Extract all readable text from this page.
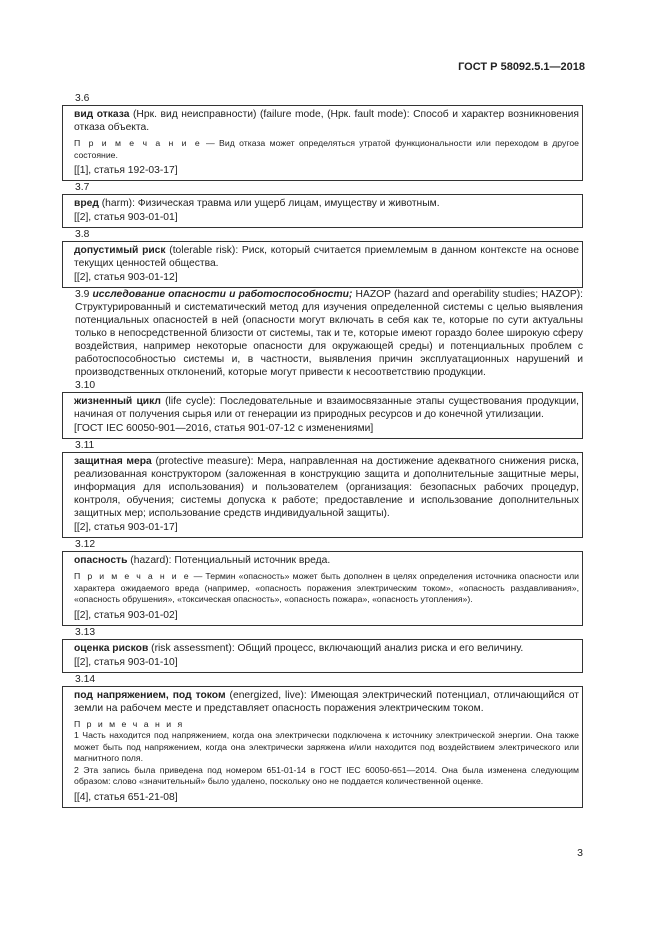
ГОСТ Р 58092.5.1—2018
3.6

вид отказа (Нрк. вид неисправности) (failure mode, (Нрк. fault mode): Способ и характер возникновения отказа объекта.

П р и м е ч а н и е — Вид отказа может определяться утратой функциональности или переходом в другое состояние.

[[1], статья 192-03-17]

3.7

вред (harm): Физическая травма или ущерб лицам, имуществу и животным.

[[2], статья 903-01-01]

3.8

допустимый риск (tolerable risk): Риск, который считается приемлемым в данном контексте на основе текущих ценностей общества.

[[2], статья 903-01-12]

3.9 исследование опасности и работоспособности; HAZOP (hazard and operability studies; HAZOP): Структурированный и систематический метод для изучения определенной системы с целью выявления потенциальных опасностей в ней (опасности могут включать в себя как те, которые по сути актуальны только в непосредственной близости от системы, так и те, которые имеют гораздо более широкую сферу воздействия, например некоторые опасности для окружающей среды) и потенциальных проблем с работоспособностью системы и, в частности, выявления причин эксплуатационных нарушений и производственных отклонений, которые могут привести к несоответствию продукции.
3.10

жизненный цикл (life cycle): Последовательные и взаимосвязанные этапы существования продукции, начиная от получения сырья или от генерации из природных ресурсов и до конечной утилизации.

[ГОСТ IEC 60050-901—2016, статья 901-07-12 с изменениями]

3.11

защитная мера (protective measure): Мера, направленная на достижение адекватного снижения риска, реализованная конструктором (заложенная в конструкцию защита и дополнительные защитные меры, информация для использования) и пользователем (организация: безопасных рабочих процедур, контроля, обучения; системы допуска к работе; предоставление и использование дополнительных защитных мер; использование средств индивидуальной защиты).

[[2], статья 903-01-17]

3.12

опасность (hazard): Потенциальный источник вреда.

П р и м е ч а н и е — Термин «опасность» может быть дополнен в целях определения источника опасности или характера ожидаемого вреда (например, «опасность поражения электрическим током», «опасность раздавливания», «опасность обрушения», «токсическая опасность», «опасность пожара», «опасность утопления»).

[[2], статья 903-01-02]

3.13

оценка рисков (risk assessment): Общий процесс, включающий анализ риска и его величину.

[[2], статья 903-01-10]

3.14

под напряжением, под током (energized, live): Имеющая электрический потенциал, отличающийся от земли на рабочем месте и представляет опасность поражения электрическим током.

П р и м е ч а н и я

1 Часть находится под напряжением, когда она электрически подключена к источнику электрической энергии. Она также может быть под напряжением, когда она электрически заряжена и/или находится под воздействием электрического или магнитного поля.

2 Эта запись была приведена под номером 651-01-14 в ГОСТ IEC 60050-651—2014. Она была изменена следующим образом: слово «значительный» было удалено, поскольку оно не поддается количественной оценке.

[[4], статья 651-21-08]

3
